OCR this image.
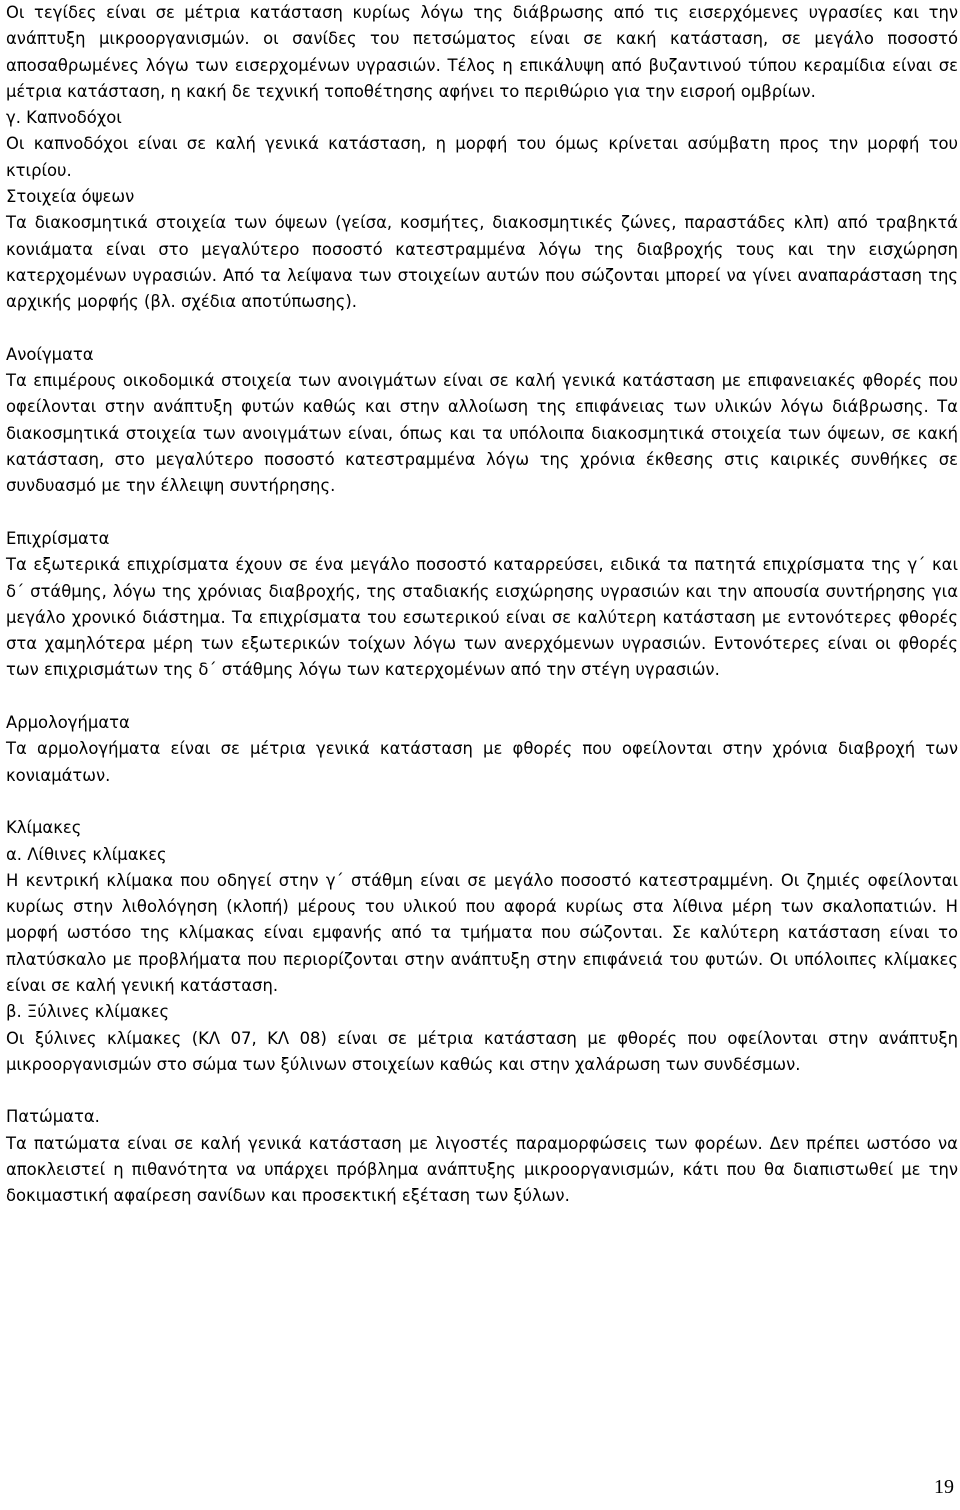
Οι τεγίδες είναι σε μέτρια κατάσταση κυρίως λόγω της διάβρωσης από τις εισερχόμενες υγρασίες και την ανάπτυξη μικροοργανισμών. οι σανίδες του πετσώματος είναι σε κακή κατάσταση, σε μεγάλο ποσοστό αποσαθρωμένες λόγω των εισερχομένων υγρασιών. Τέλος η επικάλυψη από βυζαντινού τύπου κεραμίδια είναι σε μέτρια κατάσταση, η κακή δε τεχνική τοποθέτησης αφήνει το περιθώριο για την εισροή ομβρίων.

γ. Καπνοδόχοι

Οι καπνοδόχοι είναι σε καλή γενικά κατάσταση, η μορφή του όμως κρίνεται ασύμβατη προς την μορφή του κτιρίου.

Στοιχεία όψεων

Τα διακοσμητικά στοιχεία των όψεων (γείσα, κοσμήτες, διακοσμητικές ζώνες, παραστάδες κλπ) από τραβηκτά κονιάματα είναι στο μεγαλύτερο ποσοστό κατεστραμμένα λόγω της διαβροχής τους και την εισχώρηση κατερχομένων υγρασιών. Από τα λείψανα των στοιχείων αυτών που σώζονται μπορεί να γίνει αναπαράσταση της αρχικής μορφής (βλ. σχέδια αποτύπωσης).

Ανοίγματα

Τα επιμέρους οικοδομικά στοιχεία των ανοιγμάτων είναι σε καλή γενικά κατάσταση με επιφανειακές φθορές που οφείλονται στην ανάπτυξη φυτών καθώς και στην αλλοίωση της επιφάνειας των υλικών λόγω διάβρωσης. Τα διακοσμητικά στοιχεία των ανοιγμάτων είναι, όπως και τα υπόλοιπα διακοσμητικά στοιχεία των όψεων, σε κακή κατάσταση, στο μεγαλύτερο ποσοστό κατεστραμμένα λόγω της χρόνια έκθεσης στις καιρικές συνθήκες σε συνδυασμό με την έλλειψη συντήρησης.

Επιχρίσματα

Τα εξωτερικά επιχρίσματα έχουν σε ένα μεγάλο ποσοστό καταρρεύσει, ειδικά τα πατητά επιχρίσματα της γ΄ και δ΄ στάθμης, λόγω της χρόνιας διαβροχής, της σταδιακής εισχώρησης υγρασιών και την απουσία συντήρησης για μεγάλο χρονικό διάστημα. Τα επιχρίσματα του εσωτερικού είναι σε καλύτερη κατάσταση με εντονότερες φθορές στα χαμηλότερα μέρη των εξωτερικών τοίχων λόγω των ανερχόμενων υγρασιών. Εντονότερες είναι οι φθορές των επιχρισμάτων της δ΄ στάθμης λόγω των κατερχομένων από την στέγη υγρασιών.

Αρμολογήματα

Τα αρμολογήματα είναι σε μέτρια γενικά κατάσταση με φθορές που οφείλονται στην χρόνια διαβροχή των κονιαμάτων.

Κλίμακες

α. Λίθινες κλίμακες

Η κεντρική κλίμακα που οδηγεί στην γ΄ στάθμη είναι σε μεγάλο ποσοστό κατεστραμμένη. Οι ζημιές οφείλονται κυρίως στην λιθολόγηση (κλοπή) μέρους του υλικού που αφορά κυρίως στα λίθινα μέρη των σκαλοπατιών. Η μορφή ωστόσο της κλίμακας είναι εμφανής από τα τμήματα που σώζονται. Σε καλύτερη κατάσταση είναι το πλατύσκαλο με προβλήματα που περιορίζονται στην ανάπτυξη στην επιφάνειά του φυτών. Οι υπόλοιπες κλίμακες είναι σε καλή γενική κατάσταση.

β. Ξύλινες κλίμακες

Οι ξύλινες κλίμακες (ΚΛ 07, ΚΛ 08) είναι σε μέτρια κατάσταση με φθορές που οφείλονται στην ανάπτυξη μικροοργανισμών στο σώμα των ξύλινων στοιχείων καθώς και στην χαλάρωση των συνδέσμων.

Πατώματα.

Τα πατώματα είναι σε καλή γενικά κατάσταση με λιγοστές παραμορφώσεις των φορέων. Δεν πρέπει ωστόσο να αποκλειστεί η πιθανότητα να υπάρχει πρόβλημα ανάπτυξης μικροοργανισμών, κάτι που θα διαπιστωθεί με την δοκιμαστική αφαίρεση σανίδων και προσεκτική εξέταση των ξύλων.

19
